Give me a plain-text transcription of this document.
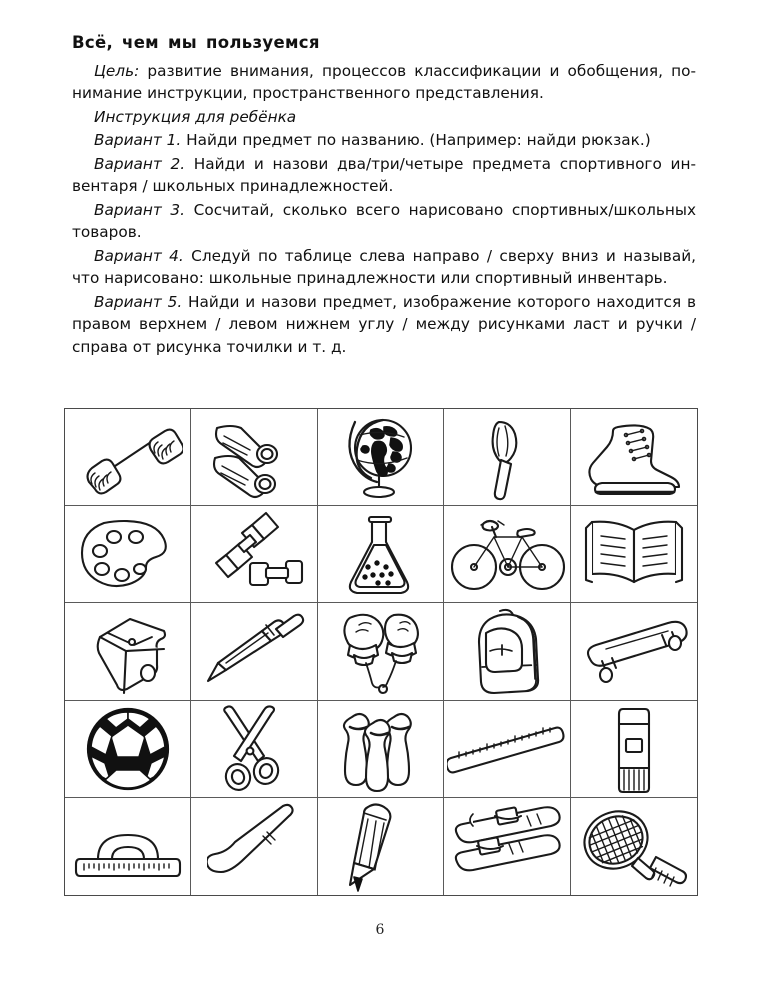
Всё, чем мы пользуемся

Цель: развитие внимания, процессов классификации и обобщения, по-нимание инструкции, пространственного представления.

Инструкция для ребёнка

Вариант 1. Найди предмет по названию. (Например: найди рюкзак.)

Вариант 2. Найди и назови два/три/четыре предмета спортивного ин-вентаря / школьных принадлежностей.

Вариант 3. Сосчитай, сколько всего нарисовано спортивных/школьных товаров.

Вариант 4. Следуй по таблице слева направо / сверху вниз и называй, что нарисовано: школьные принадлежности или спортивный инвентарь.

Вариант 5. Найди и назови предмет, изображение которого находится в правом верхнем / левом нижнем углу / между рисунками ласт и ручки / справа от рисунка точилки и т. д.

6
